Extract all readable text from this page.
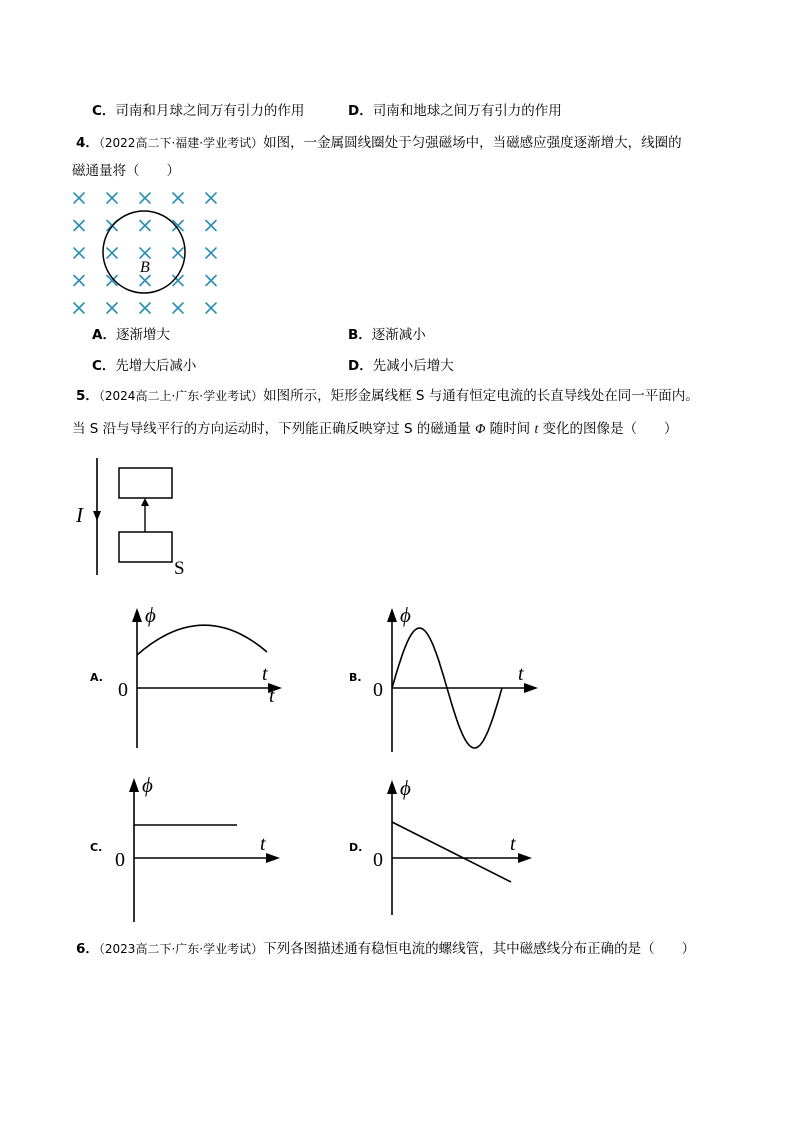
C．司南和月球之间万有引力的作用	D．司南和地球之间万有引力的作用
4．（2022高二下·福建·学业考试）如图，一金属圆线圈处于匀强磁场中，当磁感应强度逐渐增大，线圈的
磁通量将（　　）
B
A．逐渐增大	B．逐渐减小
C．先增大后减小	D．先减小后增大
5．（2024高二上·广东·学业考试）如图所示，矩形金属线框 S 与通有恒定电流的长直导线处在同一平面内。
当 S 沿与导线平行的方向运动时，下列能正确反映穿过 S 的磁通量 Φ 随时间 t 变化的图像是（　　）
I
S
A.
ϕ
t
t
0
B.
ϕ
t
0
C.
ϕ
t
0
D.
ϕ
t
0
6．（2023高二下·广东·学业考试）下列各图描述通有稳恒电流的螺线管，其中磁感线分布正确的是（　　）
